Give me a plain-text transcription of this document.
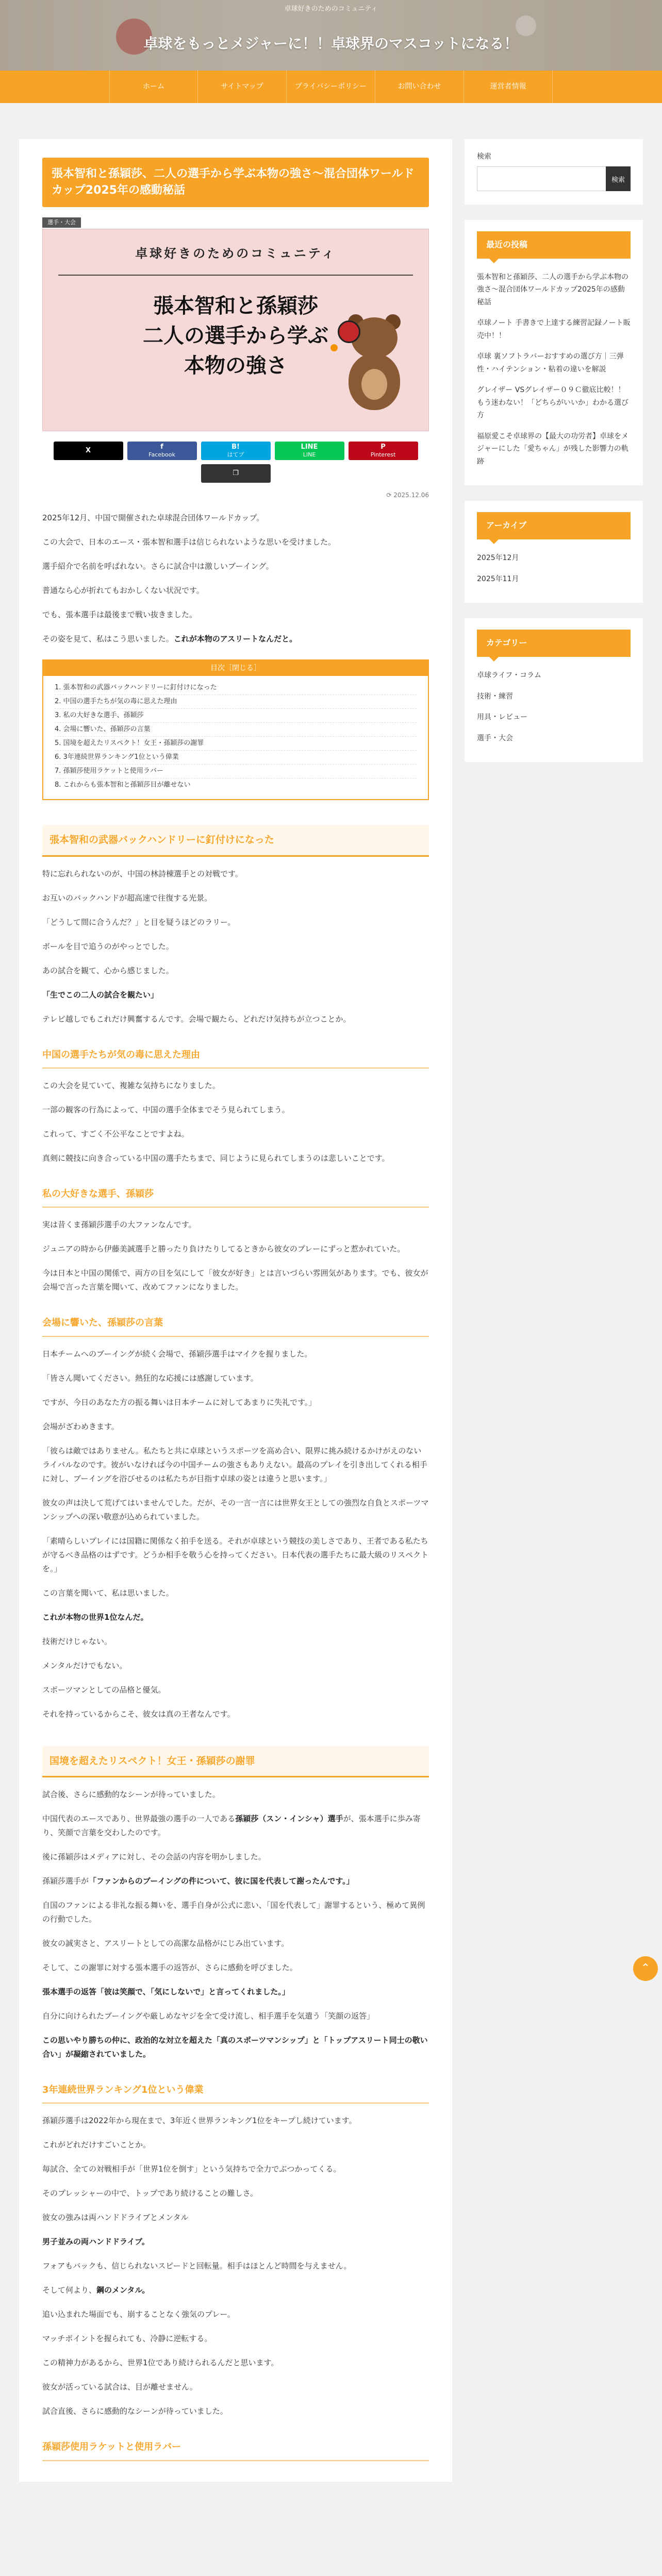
卓球好きのためのコミュニティ
卓球をもっとメジャーに！！卓球界のマスコットになる！
ホーム	サイトマップ	プライバシーポリシー	お問い合わせ	運営者情報
張本智和と孫穎莎、二人の選手から学ぶ本物の強さ～混合団体ワールドカップ2025年の感動秘話
選手・大会
卓球好きのためのコミュニティ
張本智和と孫穎莎
二人の選手から学ぶ
本物の強さ
X	f
Facebook
B!
はてブ
LINE
LINE
P
Pinterest
❐
⟳ 2025.12.06

2025年12月、中国で開催された卓球混合団体ワールドカップ。

この大会で、日本のエース・張本智和選手は信じられないような思いを受けました。

選手紹介で名前を呼ばれない。さらに試合中は激しいブーイング。

普通なら心が折れてもおかしくない状況です。

でも、張本選手は最後まで戦い抜きました。

その姿を見て、私はこう思いました。これが本物のアスリートなんだと。

目次［閉じる］
1. 張本智和の武器バックハンドリーに釘付けになった
2. 中国の選手たちが気の毒に思えた理由
3. 私の大好きな選手、孫穎莎
4. 会場に響いた、孫穎莎の言葉
5. 国境を超えたリスペクト！女王・孫穎莎の謝罪
6. 3年連続世界ランキング1位という偉業
7. 孫穎莎使用ラケットと使用ラバー
8. これからも張本智和と孫穎莎目が離せない
張本智和の武器バックハンドリーに釘付けになった

特に忘れられないのが、中国の林詩棟選手との対戦です。

お互いのバックハンドが超高速で往復する光景。

「どうして間に合うんだ？」と目を疑うほどのラリー。

ボールを目で追うのがやっとでした。

あの試合を観て、心から感じました。

「生でこの二人の試合を観たい」

テレビ越しでもこれだけ興奮するんです。会場で観たら、どれだけ気持ちが立つことか。

中国の選手たちが気の毒に思えた理由

この大会を見ていて、複雑な気持ちになりました。

一部の観客の行為によって、中国の選手全体までそう見られてしまう。

これって、すごく不公平なことですよね。

真剣に競技に向き合っている中国の選手たちまで、同じように見られてしまうのは悲しいことです。

私の大好きな選手、孫穎莎

実は昔くま孫穎莎選手の大ファンなんです。

ジュニアの時から伊藤美誠選手と勝ったり負けたりしてるときから彼女のプレーにずっと惹かれていた。

今は日本と中国の関係で、両方の目を気にして「彼女が好き」とは言いづらい雰囲気があります。でも、彼女が会場で言った言葉を聞いて、改めてファンになりました。

会場に響いた、孫穎莎の言葉

日本チームへのブーイングが続く会場で、孫穎莎選手はマイクを握りました。

「皆さん聞いてください。熱狂的な応援には感謝しています。

ですが、今日のあなた方の振る舞いは日本チームに対してあまりに失礼です。」

会場がざわめきます。

「彼らは敵ではありません。私たちと共に卓球というスポーツを高め合い、限界に挑み続けるかけがえのないライバルなのです。彼がいなければ今の中国チームの強さもありえない。最高のプレイを引き出してくれる相手に対し、ブーイングを浴びせるのは私たちが目指す卓球の姿とは違うと思います。」

彼女の声は決して荒げてはいませんでした。だが、その一言一言には世界女王としての強烈な自負とスポーツマンシップへの深い敬意が込められていました。

「素晴らしいプレイには国籍に関係なく拍手を送る。それが卓球という競技の美しさであり、王者である私たちが守るべき品格のはずです。どうか相手を敬う心を持ってください。日本代表の選手たちに最大級のリスペクトを。」

この言葉を聞いて、私は思いました。

これが本物の世界1位なんだ。

技術だけじゃない。

メンタルだけでもない。

スポーツマンとしての品格と優気。

それを持っているからこそ、彼女は真の王者なんです。

国境を超えたリスペクト！女王・孫穎莎の謝罪

試合後、さらに感動的なシーンが待っていました。

中国代表のエースであり、世界最強の選手の一人である孫穎莎（スン・インシャ）選手が、張本選手に歩み寄り、笑顔で言葉を交わしたのです。

後に孫穎莎はメディアに対し、その会話の内容を明かしました。

孫穎莎選手が「ファンからのブーイングの件について、彼に国を代表して謝ったんです。」

自国のファンによる非礼な振る舞いを、選手自身が公式に悲い、「国を代表して」謝罪するという、極めて異例の行動でした。

彼女の誠実さと、アスリートとしての高潔な品格がにじみ出ています。

そして、この謝罪に対する張本選手の返答が、さらに感動を呼びました。

張本選手の返答「彼は笑顔で、「気にしないで」と言ってくれました。」

自分に向けられたブーイングや厳しめなヤジを全て受け流し、相手選手を気遣う「笑顔の返答」

この思いやり勝ちの仲に、政治的な対立を超えた「真のスポーツマンシップ」と「トップアスリート同士の敬い合い」が凝縮されていました。

3年連続世界ランキング1位という偉業

孫穎莎選手は2022年から現在まで、3年近く世界ランキング1位をキープし続けています。

これがどれだけすごいことか。

毎試合、全ての対戦相手が「世界1位を倒す」という気持ちで全力でぶつかってくる。

そのプレッシャーの中で、トップであり続けることの難しさ。

彼女の強みは両ハンドドライブとメンタル

男子並みの両ハンドドライブ。

フォアもバックも、信じられないスピードと回転量。相手はほとんど時間を与えません。

そして何より、鋼のメンタル。

追い込まれた場面でも、崩することなく強気のプレー。

マッチポイントを握られても、冷静に逆転する。

この精神力があるから、世界1位であり続けられるんだと思います。

彼女が活っている試合は、目が離せません。

試合直後、さらに感動的なシーンが待っていました。

孫穎莎使用ラケットと使用ラバー
検索
検索
最近の投稿
張本智和と孫穎莎、二人の選手から学ぶ本物の強さ～混合団体ワールドカップ2025年の感動秘話
卓球ノート 手書きで上達する練習記録ノート販売中！！
卓球 裏ソフトラバーおすすめの選び方｜三弾性・ハイテンション・粘着の違いを解説
グレイザー VSグレイザー０９Ｃ徹底比較！！もう迷わない！「どちらがいいか」わかる選び方
福原愛こそ卓球界の【最大の功労者】卓球をメジャーにした「愛ちゃん」が残した影響力の軌跡
アーカイブ
2025年12月
2025年11月
カテゴリー
卓球ライフ・コラム
技術・練習
用具・レビュー
選手・大会
⌃
